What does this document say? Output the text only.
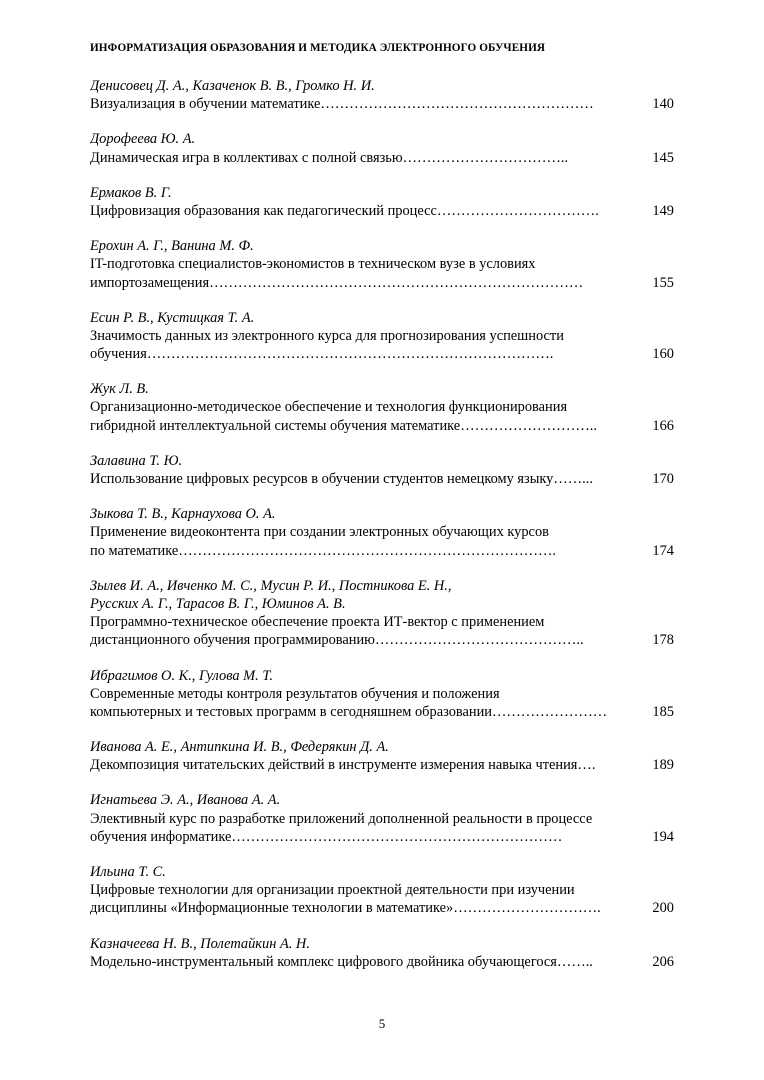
ИНФОРМАТИЗАЦИЯ ОБРАЗОВАНИЯ И МЕТОДИКА ЭЛЕКТРОННОГО ОБУЧЕНИЯ
Денисовец Д. А., Казаченок В. В., Громко Н. И.
Визуализация в обучении математике…………………………………………………	140
Дорофеева Ю. А.
Динамическая игра в коллективах с полной связью……………………………..	145
Ермаков В. Г.
Цифровизация образования как педагогический процесс…………………………….	149
Ерохин А. Г., Ванина М. Ф.
IT-подготовка специалистов-экономистов в техническом вузе в условиях
импортозамещения……………………………………………………………………	155
Есин Р. В., Кустицкая Т. А.
Значимость данных из электронного курса для прогнозирования успешности
обучения………………………………………………………………………….	160
Жук Л. В.
Организационно-методическое обеспечение и технология функционирования
гибридной интеллектуальной системы обучения математике………………………..	166
Залавина Т. Ю.
Использование цифровых ресурсов в обучении студентов немецкому языку……...	170
Зыкова Т. В., Карнаухова О. А.
Применение видеоконтента при создании электронных обучающих курсов
по математике…………………………………………………………………….	174
Зылев И. А., Ивченко М. С., Мусин Р. И., Постникова Е. Н.,
Русских А. Г., Тарасов В. Г., Юминов А. В.
Программно-техническое обеспечение проекта ИТ-вектор с применением
дистанционного обучения программированию……………………………………..	178
Ибрагимов О. К., Гулова М. Т.
Современные методы контроля результатов обучения и положения
компьютерных и тестовых программ в сегодняшнем образовании……………………	185
Иванова А. Е., Антипкина И. В., Федерякин Д. А.
Декомпозиция читательских действий в инструменте измерения навыка чтения….	189
Игнатьева Э. А., Иванова А. А.
Элективный курс по разработке приложений дополненной реальности в процессе
обучения информатике……………………………………………………………	194
Ильина Т. С.
Цифровые технологии для организации проектной деятельности при изучении
дисциплины «Информационные технологии в математике»………………………….	200
Казначеева Н. В., Полетайкин А. Н.
Модельно-инструментальный комплекс цифрового двойника обучающегося……..	206
5
